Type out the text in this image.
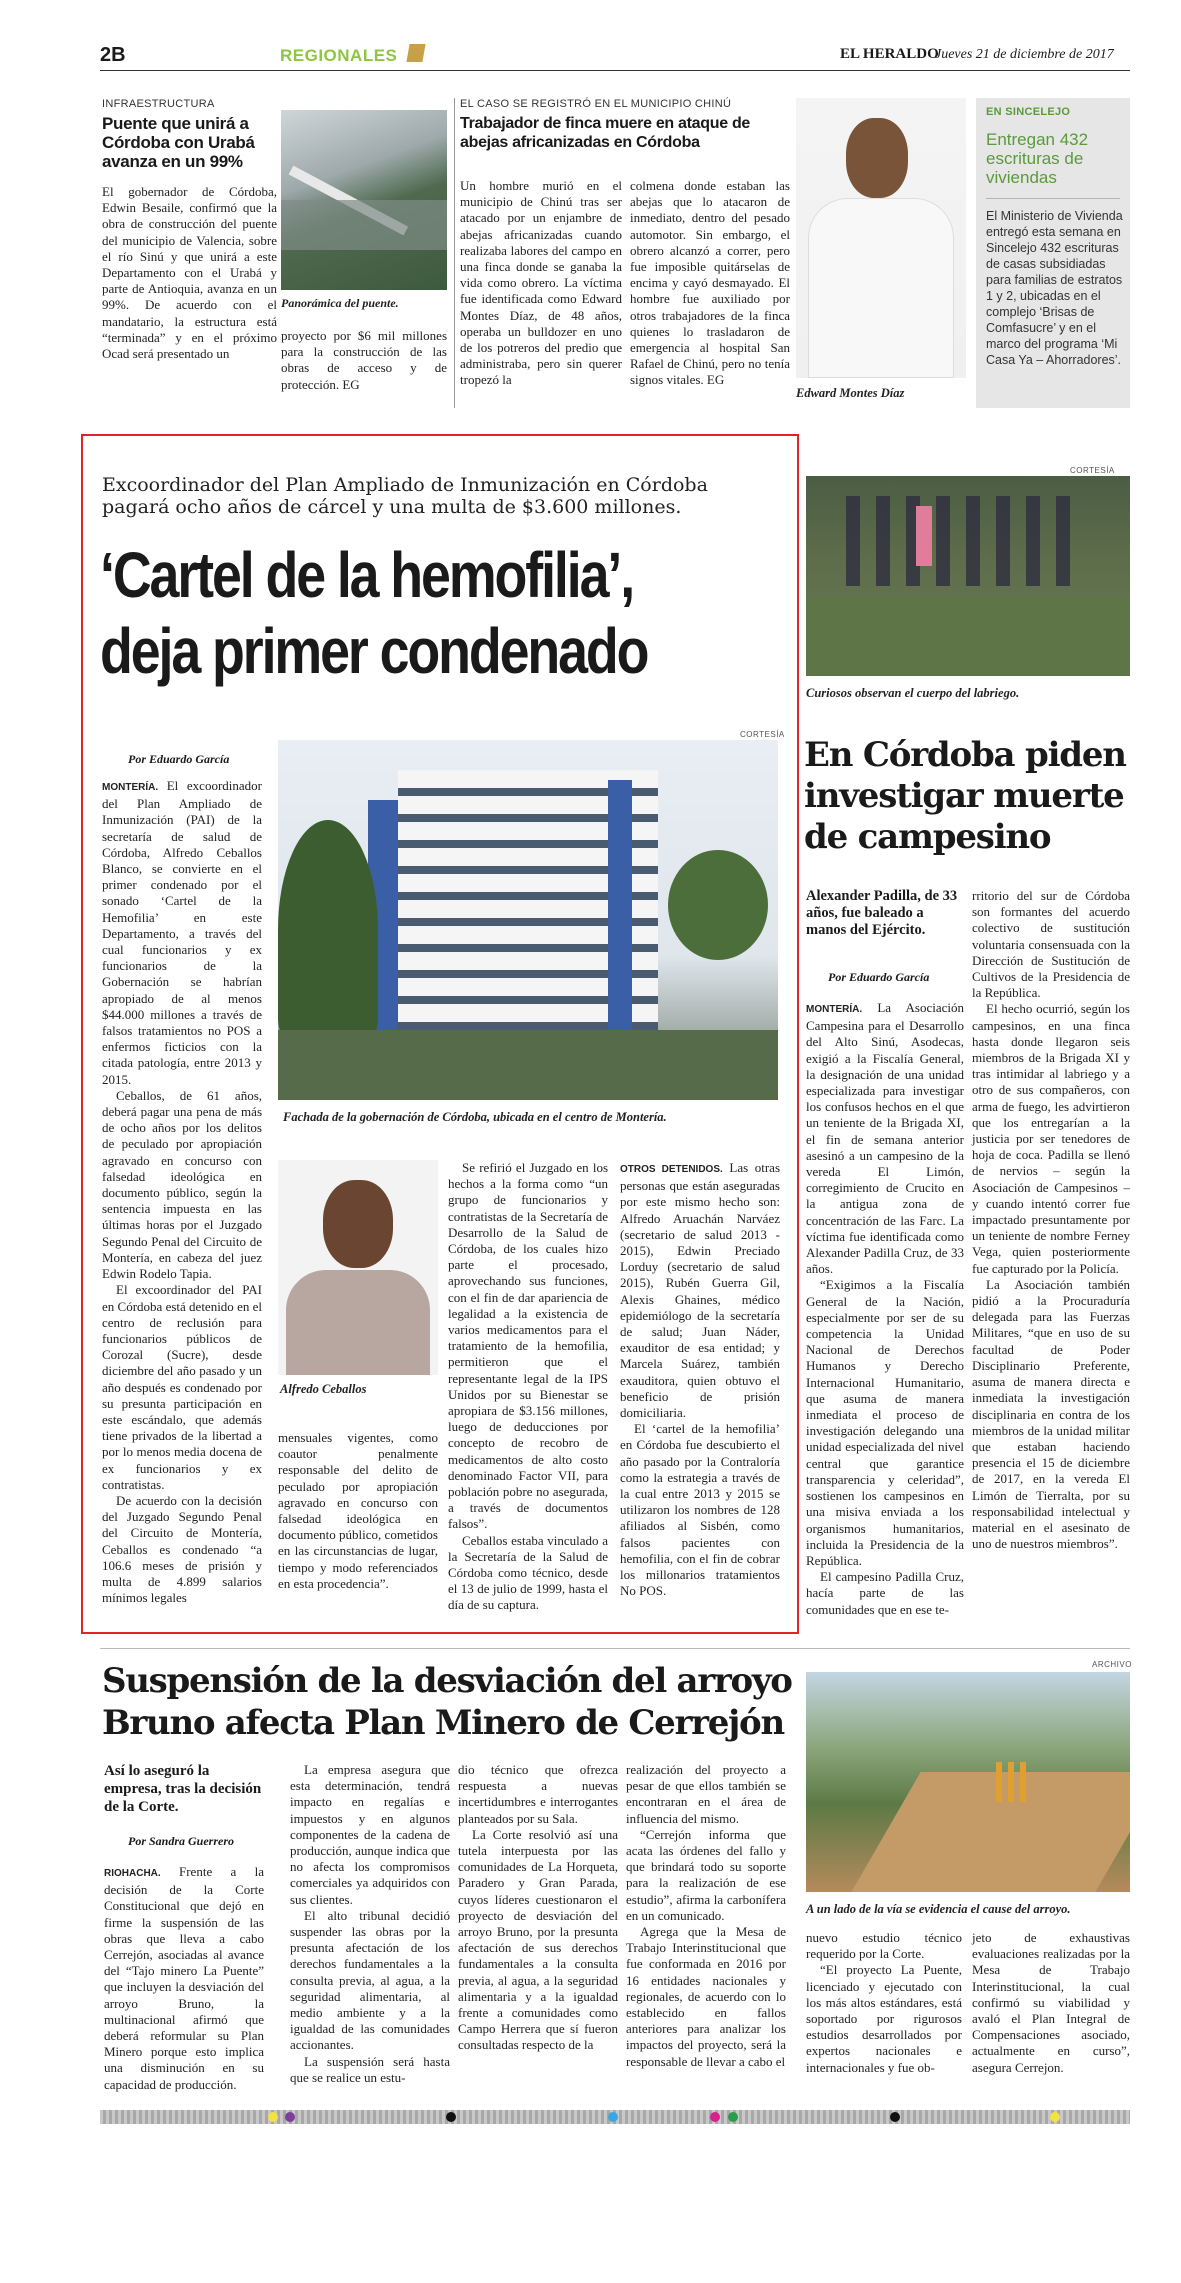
2B	REGIONALES	EL HERALDO
Jueves 21 de diciembre de 2017
INFRAESTRUCTURA
Puente que unirá a Córdoba con Urabá avanza en un 99%
El gobernador de Córdoba, Edwin Besaile, confirmó que la obra de construcción del puente del municipio de Valencia, sobre el río Sinú y que unirá a este Departamento con el Urabá y parte de Antioquia, avanza en un 99%. De acuerdo con el mandatario, la estructura está “terminada” y en el próximo Ocad será presentado un
Panorámica del puente.
proyecto por $6 mil millones para la construcción de las obras de acceso y de protección. EG
EL CASO SE REGISTRÓ EN EL MUNICIPIO CHINÚ
Trabajador de finca muere en ataque de abejas africanizadas en Córdoba
Un hombre murió en el municipio de Chinú tras ser atacado por un enjambre de abejas africanizadas cuando realizaba labores del campo en una finca donde se ganaba la vida como obrero. La víctima fue identificada como Edward Montes Díaz, de 48 años, operaba un bulldozer en uno de los potreros del predio que administraba, pero sin querer tropezó la
colmena donde estaban las abejas que lo atacaron de inmediato, dentro del pesado automotor. Sin embargo, el obrero alcanzó a correr, pero fue imposible quitárselas de encima y cayó desmayado. El hombre fue auxiliado por otros trabajadores de la finca quienes lo trasladaron de emergencia al hospital San Rafael de Chinú, pero no tenía signos vitales. EG
Edward Montes Díaz
EN SINCELEJO
Entregan 432 escrituras de viviendas
El Ministerio de Vivienda entregó esta semana en Sincelejo 432 escrituras de casas subsidiadas para familias de estratos 1 y 2, ubicadas en el complejo ‘Brisas de Comfasucre’ y en el marco del programa ‘Mi Casa Ya – Ahorradores’.
Excoordinador del Plan Ampliado de Inmunización en Córdoba pagará ocho años de cárcel y una multa de $3.600 millones.
‘Cartel de la hemofilia’,
deja primer condenado
CORTESÍA
Por Eduardo García
MONTERÍA. El excoordinador del Plan Ampliado de Inmunización (PAI) de la secretaría de salud de Córdoba, Alfredo Ceballos Blanco, se convierte en el primer condenado por el sonado ‘Cartel de la Hemofilia’ en este Departamento, a través del cual funcionarios y ex funcionarios de la Gobernación se habrían apropiado de al menos $44.000 millones a través de falsos tratamientos no POS a enfermos ficticios con la citada patología, entre 2013 y 2015.

Ceballos, de 61 años, deberá pagar una pena de más de ocho años por los delitos de peculado por apropiación agravado en concurso con falsedad ideológica en documento público, según la sentencia impuesta en las últimas horas por el Juzgado Segundo Penal del Circuito de Montería, en cabeza del juez Edwin Rodelo Tapia.

El excoordinador del PAI en Córdoba está detenido en el centro de reclusión para funcionarios públicos de Corozal (Sucre), desde diciembre del año pasado y un año después es condenado por su presunta participación en este escándalo, que además tiene privados de la libertad a por lo menos media docena de ex funcionarios y ex contratistas.

De acuerdo con la decisión del Juzgado Segundo Penal del Circuito de Montería, Ceballos es condenado “a 106.6 meses de prisión y multa de 4.899 salarios mínimos legales

Fachada de la gobernación de Córdoba, ubicada en el centro de Montería.
Alfredo Ceballos
mensuales vigentes, como coautor penalmente responsable del delito de peculado por apropiación agravado en concurso con falsedad ideológica en documento público, cometidos en las circunstancias de lugar, tiempo y modo referenciados en esta procedencia”.

Se refirió el Juzgado en los hechos a la forma como “un grupo de funcionarios y contratistas de la Secretaría de Desarrollo de la Salud de Córdoba, de los cuales hizo parte el procesado, aprovechando sus funciones, con el fin de dar apariencia de legalidad a la existencia de varios medicamentos para el tratamiento de la hemofilia, permitieron que el representante legal de la IPS Unidos por su Bienestar se apropiara de $3.156 millones, luego de deducciones por concepto de recobro de medicamentos de alto costo denominado Factor VII, para población pobre no asegurada, a través de documentos falsos”.

Ceballos estaba vinculado a la Secretaría de la Salud de Córdoba como técnico, desde el 13 de julio de 1999, hasta el día de su captura.

OTROS DETENIDOS. Las otras personas que están aseguradas por este mismo hecho son: Alfredo Aruachán Narváez (secretario de salud 2013 - 2015), Edwin Preciado Lorduy (secretario de salud 2015), Rubén Guerra Gil, Alexis Ghaines, médico epidemiólogo de la secretaría de salud; Juan Náder, exauditor de esa entidad; y Marcela Suárez, también exauditora, quien obtuvo el beneficio de prisión domiciliaria.

El ‘cartel de la hemofilia’ en Córdoba fue descubierto el año pasado por la Contraloría como la estrategia a través de la cual entre 2013 y 2015 se utilizaron los nombres de 128 afiliados al Sisbén, como falsos pacientes con hemofilia, con el fin de cobrar los millonarios tratamientos No POS.

CORTESÍA
Curiosos observan el cuerpo del labriego.
En Córdoba piden investigar muerte de campesino
Alexander Padilla, de 33 años, fue baleado a manos del Ejército.
Por Eduardo García
MONTERÍA. La Asociación Campesina para el Desarrollo del Alto Sinú, Asodecas, exigió a la Fiscalía General, la designación de una unidad especializada para investigar los confusos hechos en el que un teniente de la Brigada XI, el fin de semana anterior asesinó a un campesino de la vereda El Limón, corregimiento de Crucito en la antigua zona de concentración de las Farc. La víctima fue identificada como Alexander Padilla Cruz, de 33 años.

“Exigimos a la Fiscalía General de la Nación, especialmente por ser de su competencia la Unidad Nacional de Derechos Humanos y Derecho Internacional Humanitario, que asuma de manera inmediata el proceso de investigación delegando una unidad especializada del nivel central que garantice transparencia y celeridad”, sostienen los campesinos en una misiva enviada a los organismos humanitarios, incluida la Presidencia de la República.

El campesino Padilla Cruz, hacía parte de las comunidades que en ese te-

rritorio del sur de Córdoba son formantes del acuerdo colectivo de sustitución voluntaria consensuada con la Dirección de Sustitución de Cultivos de la Presidencia de la República.

El hecho ocurrió, según los campesinos, en una finca hasta donde llegaron seis miembros de la Brigada XI y tras intimidar al labriego y a otro de sus compañeros, con arma de fuego, les advirtieron que los entregarían a la justicia por ser tenedores de hoja de coca. Padilla se llenó de nervios – según la Asociación de Campesinos – y cuando intentó correr fue impactado presuntamente por un teniente de nombre Ferney Vega, quien posteriormente fue capturado por la Policía.

La Asociación también pidió a la Procuraduría delegada para las Fuerzas Militares, “que en uso de su facultad de Poder Disciplinario Preferente, asuma de manera directa e inmediata la investigación disciplinaria en contra de los miembros de la unidad militar que estaban haciendo presencia el 15 de diciembre de 2017, en la vereda El Limón de Tierralta, por su responsabilidad intelectual y material en el asesinato de uno de nuestros miembros”.

Suspensión de la desviación del arroyo
Bruno afecta Plan Minero de Cerrejón
Así lo aseguró la empresa, tras la decisión de la Corte.
Por Sandra Guerrero
RIOHACHA. Frente a la decisión de la Corte Constitucional que dejó en firme la suspensión de las obras que lleva a cabo Cerrejón, asociadas al avance del “Tajo minero La Puente” que incluyen la desviación del arroyo Bruno, la multinacional afirmó que deberá reformular su Plan Minero porque esto implica una disminución en su capacidad de producción.

La empresa asegura que esta determinación, tendrá impacto en regalías e impuestos y en algunos componentes de la cadena de producción, aunque indica que no afecta los compromisos comerciales ya adquiridos con sus clientes.

El alto tribunal decidió suspender las obras por la presunta afectación de los derechos fundamentales a la consulta previa, al agua, a la seguridad alimentaria, al medio ambiente y a la igualdad de las comunidades accionantes.

La suspensión será hasta que se realice un estu-

dio técnico que ofrezca respuesta a nuevas incertidumbres e interrogantes planteados por su Sala.

La Corte resolvió así una tutela interpuesta por las comunidades de La Horqueta, Paradero y Gran Parada, cuyos líderes cuestionaron el proyecto de desviación del arroyo Bruno, por la presunta afectación de sus derechos fundamentales a la consulta previa, al agua, a la seguridad alimentaria y a la igualdad frente a comunidades como Campo Herrera que sí fueron consultadas respecto de la

realización del proyecto a pesar de que ellos también se encontraran en el área de influencia del mismo.

“Cerrejón informa que acata las órdenes del fallo y que brindará todo su soporte para la realización de ese estudio”, afirma la carbonífera en un comunicado.

Agrega que la Mesa de Trabajo Interinstitucional que fue conformada en 2016 por 16 entidades nacionales y regionales, de acuerdo con lo establecido en fallos anteriores para analizar los impactos del proyecto, será la responsable de llevar a cabo el

ARCHIVO
A un lado de la vía se evidencia el cause del arroyo.

nuevo estudio técnico requerido por la Corte.

“El proyecto La Puente, licenciado y ejecutado con los más altos estándares, está soportado por rigurosos estudios desarrollados por expertos nacionales e internacionales y fue ob-

jeto de exhaustivas evaluaciones realizadas por la Mesa de Trabajo Interinstitucional, la cual confirmó su viabilidad y avaló el Plan Integral de Compensaciones asociado, actualmente en curso”, asegura Cerrejon.
